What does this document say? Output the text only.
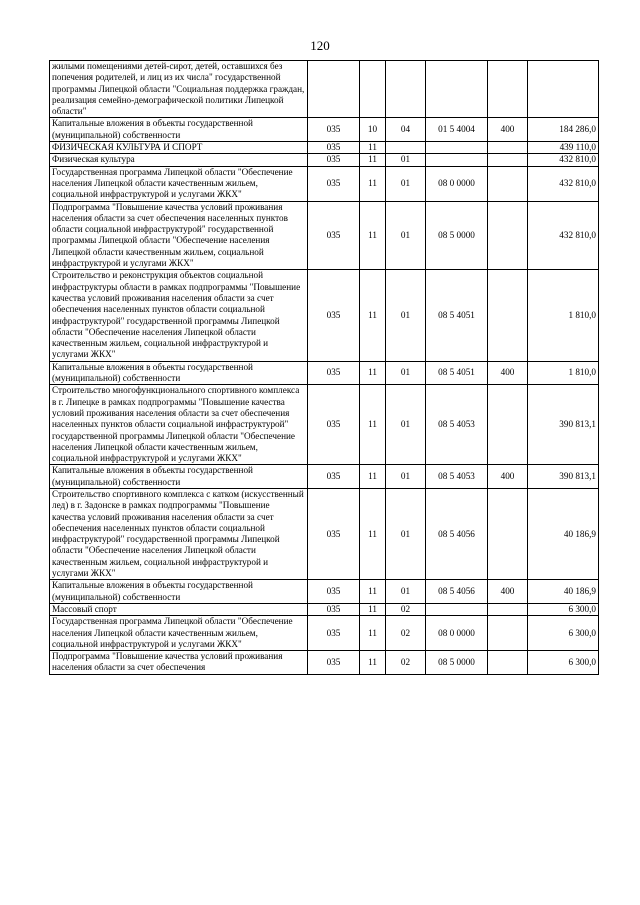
120
жилыми помещениями детей-сирот, детей, оставшихся без попечения родителей, и лиц из их числа" государственной программы Липецкой области "Социальная поддержка граждан, реализация семейно-демографической политики Липецкой области"						
Капитальные вложения в объекты государственной (муниципальной) собственности	035	10	04	01 5 4004	400	184 286,0
ФИЗИЧЕСКАЯ КУЛЬТУРА И СПОРТ	035	11				439 110,0
Физическая культура	035	11	01			432 810,0
Государственная программа Липецкой области "Обеспечение населения Липецкой области качественным жильем, социальной инфраструктурой и услугами ЖКХ"	035	11	01	08 0 0000		432 810,0
Подпрограмма "Повышение качества условий проживания населения области за счет обеспечения населенных пунктов области социальной инфраструктурой" государственной программы Липецкой области "Обеспечение населения Липецкой области качественным жильем, социальной инфраструктурой и услугами ЖКХ"	035	11	01	08 5 0000		432 810,0
Строительство и реконструкция объектов социальной инфраструктуры области в рамках подпрограммы "Повышение качества условий проживания населения области за счет обеспечения населенных пунктов области социальной инфраструктурой" государственной программы Липецкой области "Обеспечение населения Липецкой области качественным жильем, социальной инфраструктурой и услугами ЖКХ"	035	11	01	08 5 4051		1 810,0
Капитальные вложения в объекты государственной (муниципальной) собственности	035	11	01	08 5 4051	400	1 810,0
Строительство многофункционального спортивного комплекса в г. Липецке в рамках подпрограммы "Повышение качества условий проживания населения области за счет обеспечения населенных пунктов области социальной инфраструктурой" государственной программы Липецкой области "Обеспечение населения Липецкой области качественным жильем, социальной инфраструктурой и услугами ЖКХ"	035	11	01	08 5 4053		390 813,1
Капитальные вложения в объекты государственной (муниципальной) собственности	035	11	01	08 5 4053	400	390 813,1
Строительство спортивного комплекса с катком (искусственный лед) в г. Задонске в рамках подпрограммы "Повышение качества условий проживания населения области за счет обеспечения населенных пунктов области социальной инфраструктурой" государственной программы Липецкой области "Обеспечение населения Липецкой области качественным жильем, социальной инфраструктурой и услугами ЖКХ"	035	11	01	08 5 4056		40 186,9
Капитальные вложения в объекты государственной (муниципальной) собственности	035	11	01	08 5 4056	400	40 186,9
Массовый спорт	035	11	02			6 300,0
Государственная программа Липецкой области "Обеспечение населения Липецкой области качественным жильем, социальной инфраструктурой и услугами ЖКХ"	035	11	02	08 0 0000		6 300,0
Подпрограмма "Повышение качества условий проживания населения области за счет обеспечения	035	11	02	08 5 0000		6 300,0
